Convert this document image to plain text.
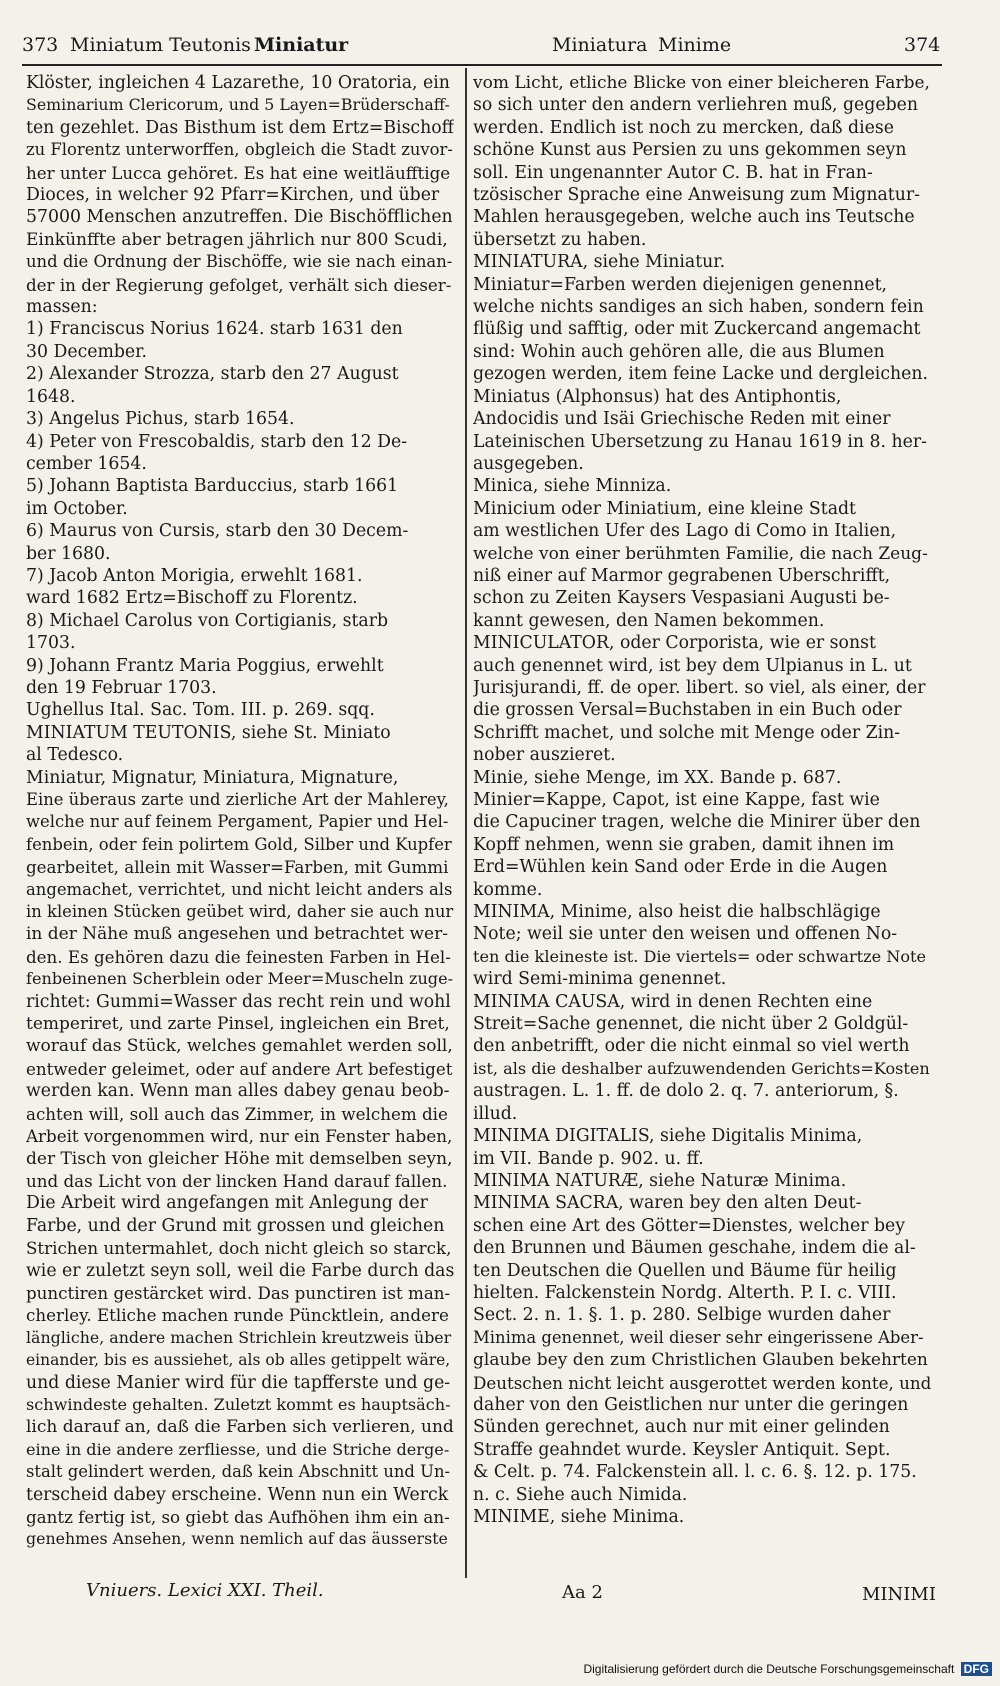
373 Miniatum Teutonis Miniatur	Miniatura Minime	374

Klöster, ingleichen 4 Lazarethe, 10 Oratoria, ein

Seminarium Clericorum, und 5 Layen=Brüderschaff-

ten gezehlet. Das Bisthum ist dem Ertz=Bischoff

zu Florentz unterworffen, obgleich die Stadt zuvor-

her unter Lucca gehöret. Es hat eine weitläufftige

Dioces, in welcher 92 Pfarr=Kirchen, und über

57000 Menschen anzutreffen. Die Bischöfflichen

Einkünffte aber betragen jährlich nur 800 Scudi,

und die Ordnung der Bischöffe, wie sie nach einan-

der in der Regierung gefolget, verhält sich dieser-

massen:

1) Franciscus Norius 1624. starb 1631 den

30 December.

2) Alexander Strozza, starb den 27 August

1648.

3) Angelus Pichus, starb 1654.

4) Peter von Frescobaldis, starb den 12 De-

cember 1654.

5) Johann Baptista Barduccius, starb 1661

im October.

6) Maurus von Cursis, starb den 30 Decem-

ber 1680.

7) Jacob Anton Morigia, erwehlt 1681.

ward 1682 Ertz=Bischoff zu Florentz.

8) Michael Carolus von Cortigianis, starb

1703.

9) Johann Frantz Maria Poggius, erwehlt

den 19 Februar 1703.

Ughellus Ital. Sac. Tom. III. p. 269. sqq.

MINIATUM TEUTONIS, siehe St. Miniato

al Tedesco.

Miniatur, Mignatur, Miniatura, Mignature,

Eine überaus zarte und zierliche Art der Mahlerey,

welche nur auf feinem Pergament, Papier und Hel-

fenbein, oder fein polirtem Gold, Silber und Kupfer

gearbeitet, allein mit Wasser=Farben, mit Gummi

angemachet, verrichtet, und nicht leicht anders als

in kleinen Stücken geübet wird, daher sie auch nur

in der Nähe muß angesehen und betrachtet wer-

den. Es gehören dazu die feinesten Farben in Hel-

fenbeinenen Scherblein oder Meer=Muscheln zuge-

richtet: Gummi=Wasser das recht rein und wohl

temperiret, und zarte Pinsel, ingleichen ein Bret,

worauf das Stück, welches gemahlet werden soll,

entweder geleimet, oder auf andere Art befestiget

werden kan. Wenn man alles dabey genau beob-

achten will, soll auch das Zimmer, in welchem die

Arbeit vorgenommen wird, nur ein Fenster haben,

der Tisch von gleicher Höhe mit demselben seyn,

und das Licht von der lincken Hand darauf fallen.

Die Arbeit wird angefangen mit Anlegung der

Farbe, und der Grund mit grossen und gleichen

Strichen untermahlet, doch nicht gleich so starck,

wie er zuletzt seyn soll, weil die Farbe durch das

punctiren gestärcket wird. Das punctiren ist man-

cherley. Etliche machen runde Püncktlein, andere

längliche, andere machen Strichlein kreutzweis über

einander, bis es aussiehet, als ob alles getippelt wäre,

und diese Manier wird für die tapfferste und ge-

schwindeste gehalten. Zuletzt kommt es hauptsäch-

lich darauf an, daß die Farben sich verlieren, und

eine in die andere zerfliesse, und die Striche derge-

stalt gelindert werden, daß kein Abschnitt und Un-

terscheid dabey erscheine. Wenn nun ein Werck

gantz fertig ist, so giebt das Aufhöhen ihm ein an-

genehmes Ansehen, wenn nemlich auf das äusserste

vom Licht, etliche Blicke von einer bleicheren Farbe,

so sich unter den andern verliehren muß, gegeben

werden. Endlich ist noch zu mercken, daß diese

schöne Kunst aus Persien zu uns gekommen seyn

soll. Ein ungenannter Autor C. B. hat in Fran-

tzösischer Sprache eine Anweisung zum Mignatur-

Mahlen herausgegeben, welche auch ins Teutsche

übersetzt zu haben.

MINIATURA, siehe Miniatur.

Miniatur=Farben werden diejenigen genennet,

welche nichts sandiges an sich haben, sondern fein

flüßig und safftig, oder mit Zuckercand angemacht

sind: Wohin auch gehören alle, die aus Blumen

gezogen werden, item feine Lacke und dergleichen.

Miniatus (Alphonsus) hat des Antiphontis,

Andocidis und Isäi Griechische Reden mit einer

Lateinischen Ubersetzung zu Hanau 1619 in 8. her-

ausgegeben.

Minica, siehe Minniza.

Minicium oder Miniatium, eine kleine Stadt

am westlichen Ufer des Lago di Como in Italien,

welche von einer berühmten Familie, die nach Zeug-

niß einer auf Marmor gegrabenen Uberschrifft,

schon zu Zeiten Kaysers Vespasiani Augusti be-

kannt gewesen, den Namen bekommen.

MINICULATOR, oder Corporista, wie er sonst

auch genennet wird, ist bey dem Ulpianus in L. ut

Jurisjurandi, ff. de oper. libert. so viel, als einer, der

die grossen Versal=Buchstaben in ein Buch oder

Schrifft machet, und solche mit Menge oder Zin-

nober auszieret.

Minie, siehe Menge, im XX. Bande p. 687.

Minier=Kappe, Capot, ist eine Kappe, fast wie

die Capuciner tragen, welche die Minirer über den

Kopff nehmen, wenn sie graben, damit ihnen im

Erd=Wühlen kein Sand oder Erde in die Augen

komme.

MINIMA, Minime, also heist die halbschlägige

Note; weil sie unter den weisen und offenen No-

ten die kleineste ist. Die viertels= oder schwartze Note

wird Semi-minima genennet.

MINIMA CAUSA, wird in denen Rechten eine

Streit=Sache genennet, die nicht über 2 Goldgül-

den anbetrifft, oder die nicht einmal so viel werth

ist, als die deshalber aufzuwendenden Gerichts=Kosten

austragen. L. 1. ff. de dolo 2. q. 7. anteriorum, §.

illud.

MINIMA DIGITALIS, siehe Digitalis Minima,

im VII. Bande p. 902. u. ff.

MINIMA NATURÆ, siehe Naturæ Minima.

MINIMA SACRA, waren bey den alten Deut-

schen eine Art des Götter=Dienstes, welcher bey

den Brunnen und Bäumen geschahe, indem die al-

ten Deutschen die Quellen und Bäume für heilig

hielten. Falckenstein Nordg. Alterth. P. I. c. VIII.

Sect. 2. n. 1. §. 1. p. 280. Selbige wurden daher

Minima genennet, weil dieser sehr eingerissene Aber-

glaube bey den zum Christlichen Glauben bekehrten

Deutschen nicht leicht ausgerottet werden konte, und

daher von den Geistlichen nur unter die geringen

Sünden gerechnet, auch nur mit einer gelinden

Straffe geahndet wurde. Keysler Antiquit. Sept.

& Celt. p. 74. Falckenstein all. l. c. 6. §. 12. p. 175.

n. c. Siehe auch Nimida.

MINIME, siehe Minima.

Vniuers. Lexici XXI. Theil.	Aa 2	MINIMI
Digitalisierung gefördert durch die Deutsche Forschungsgemeinschaft DFG
